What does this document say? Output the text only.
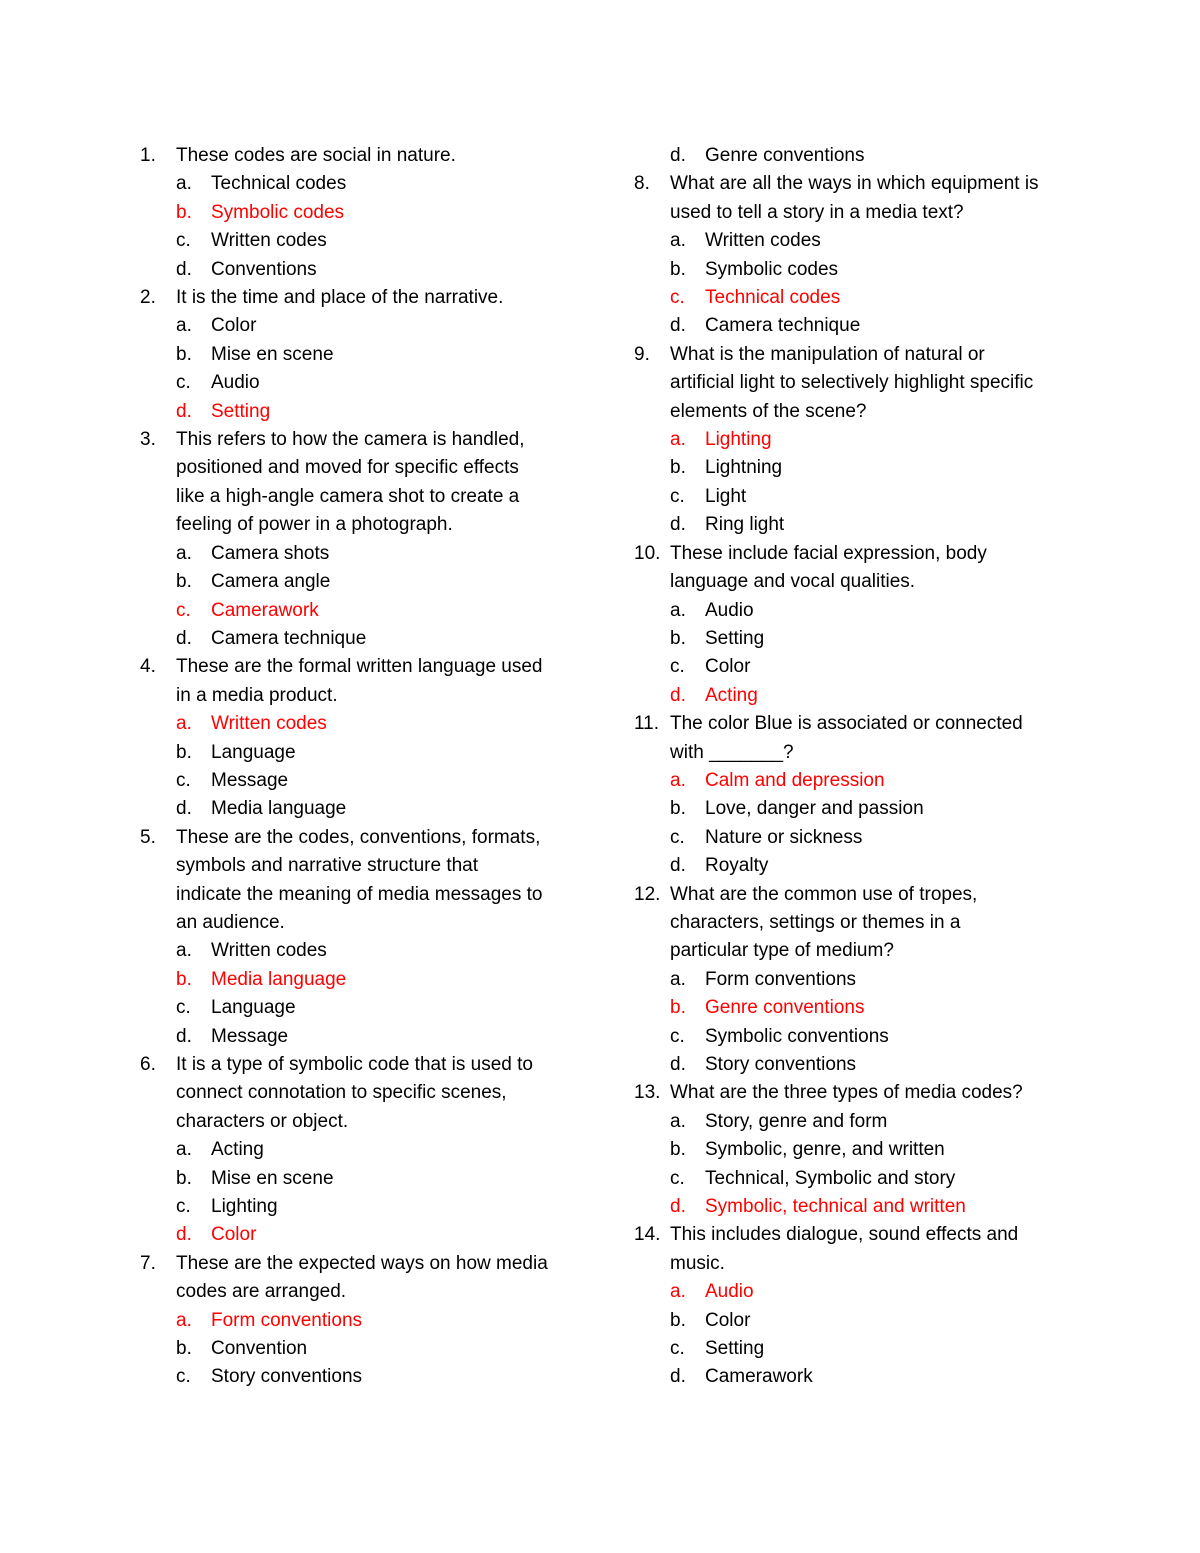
1. These codes are social in nature.
a. Technical codes
b. Symbolic codes
c. Written codes
d. Conventions
2. It is the time and place of the narrative.
a. Color
b. Mise en scene
c. Audio
d. Setting
3. This refers to how the camera is handled,
positioned and moved for specific effects
like a high-angle camera shot to create a
feeling of power in a photograph.
a. Camera shots
b. Camera angle
c. Camerawork
d. Camera technique
4. These are the formal written language used
in a media product.
a. Written codes
b. Language
c. Message
d. Media language
5. These are the codes, conventions, formats,
symbols and narrative structure that
indicate the meaning of media messages to
an audience.
a. Written codes
b. Media language
c. Language
d. Message
6. It is a type of symbolic code that is used to
connect connotation to specific scenes,
characters or object.
a. Acting
b. Mise en scene
c. Lighting
d. Color
7. These are the expected ways on how media
codes are arranged.
a. Form conventions
b. Convention
c. Story conventions
d. Genre conventions
8. What are all the ways in which equipment is
used to tell a story in a media text?
a. Written codes
b. Symbolic codes
c. Technical codes
d. Camera technique
9. What is the manipulation of natural or
artificial light to selectively highlight specific
elements of the scene?
a. Lighting
b. Lightning
c. Light
d. Ring light
10. These include facial expression, body
language and vocal qualities.
a. Audio
b. Setting
c. Color
d. Acting
11. The color Blue is associated or connected
with _______?
a. Calm and depression
b. Love, danger and passion
c. Nature or sickness
d. Royalty
12. What are the common use of tropes,
characters, settings or themes in a
particular type of medium?
a. Form conventions
b. Genre conventions
c. Symbolic conventions
d. Story conventions
13. What are the three types of media codes?
a. Story, genre and form
b. Symbolic, genre, and written
c. Technical, Symbolic and story
d. Symbolic, technical and written
14. This includes dialogue, sound effects and
music.
a. Audio
b. Color
c. Setting
d. Camerawork
